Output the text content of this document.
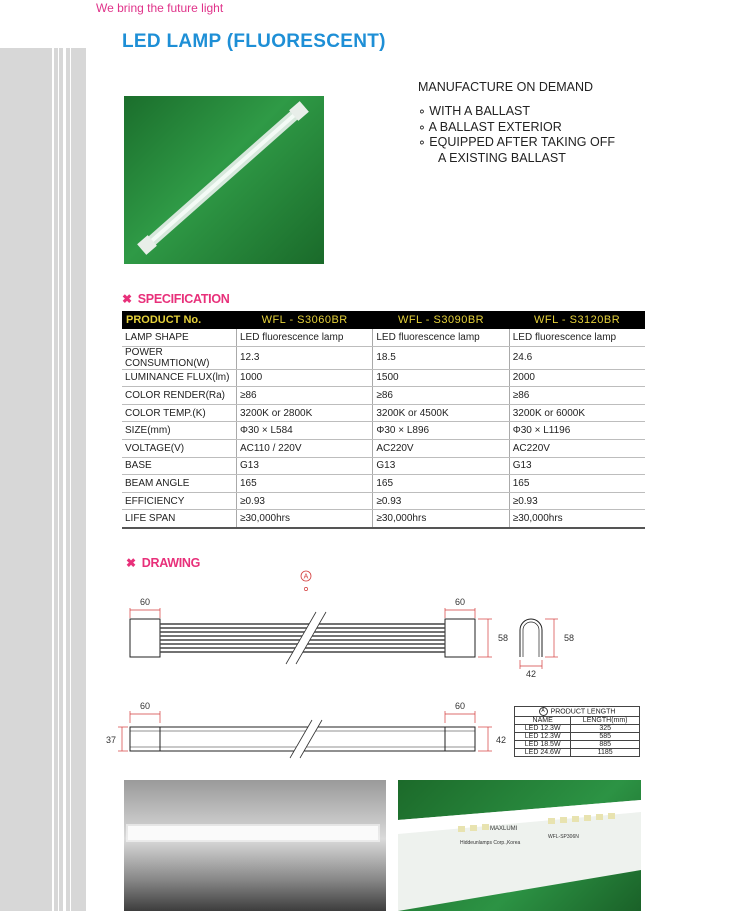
We bring the future light
LED LAMP (FLUORESCENT)
MANUFACTURE ON DEMAND
∘ WITH A BALLAST
∘ A BALLAST EXTERIOR
∘ EQUIPPED AFTER TAKING OFF
A EXISTING BALLAST
✖ SPECIFICATION
PRODUCT No.	WFL - S3060BR	WFL - S3090BR	WFL - S3120BR
LAMP SHAPE	LED fluorescence lamp	LED fluorescence lamp	LED fluorescence lamp
POWER CONSUMTION(W)	12.3	18.5	24.6
LUMINANCE FLUX(lm)	1000	1500	2000
COLOR RENDER(Ra)	≥86	≥86	≥86
COLOR TEMP.(K)	3200K or 2800K	3200K or 4500K	3200K or 6000K
SIZE(mm)	Φ30 × L584	Φ30 × L896	Φ30 × L1196
VOLTAGE(V)	AC110 / 220V	AC220V	AC220V
BASE	G13	G13	G13
BEAM ANGLE	165	165	165
EFFICIENCY	≥0.93	≥0.93	≥0.93
LIFE SPAN	≥30,000hrs	≥30,000hrs	≥30,000hrs
✖ DRAWING
A
60	60
58	58
42
60	60
37	42
A PRODUCT LENGTH	
NAME	LENGTH(mm)
LED 12.3W	325
LED 12.3W	585
LED 18.5W	885
LED 24.6W	1185
MAXLUMI
Hiddeunlamps Corp.,Korea
WFL-SP306N
